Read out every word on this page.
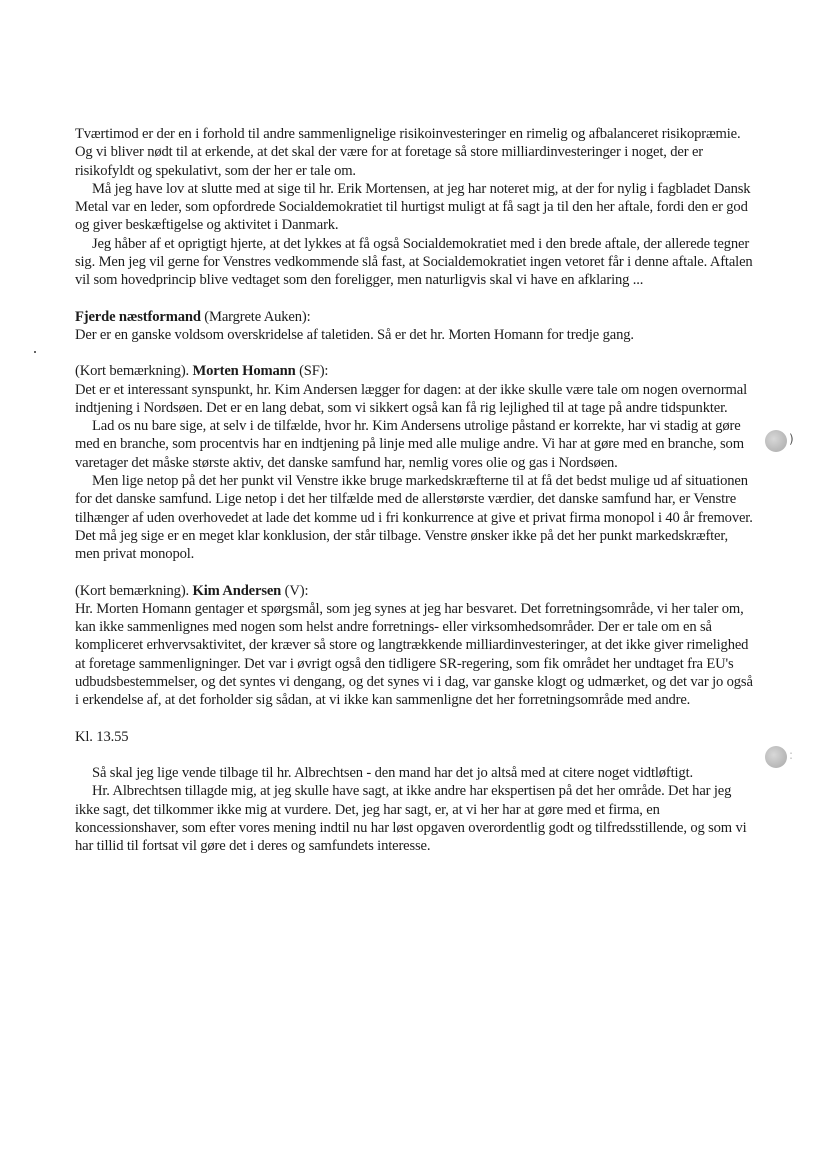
Tværtimod er der en i forhold til andre sammenlignelige risikoinvesteringer en rimelig og afbalanceret risikopræmie. Og vi bliver nødt til at erkende, at det skal der være for at foretage så store milliardinvesteringer i noget, der er risikofyldt og spekulativt, som der her er tale om.

Må jeg have lov at slutte med at sige til hr. Erik Mortensen, at jeg har noteret mig, at der for nylig i fagbladet Dansk Metal var en leder, som opfordrede Socialdemokratiet til hurtigst muligt at få sagt ja til den her aftale, fordi den er god og giver beskæftigelse og aktivitet i Danmark.

Jeg håber af et oprigtigt hjerte, at det lykkes at få også Socialdemokratiet med i den brede aftale, der allerede tegner sig. Men jeg vil gerne for Venstres vedkommende slå fast, at Socialdemokratiet ingen vetoret får i denne aftale. Aftalen vil som hovedprincip blive vedtaget som den foreligger, men naturligvis skal vi have en afklaring ...

Fjerde næstformand (Margrete Auken):

Der er en ganske voldsom overskridelse af taletiden. Så er det hr. Morten Homann for tredje gang.

(Kort bemærkning). Morten Homann (SF):

Det er et interessant synspunkt, hr. Kim Andersen lægger for dagen: at der ikke skulle være tale om nogen overnormal indtjening i Nordsøen. Det er en lang debat, som vi sikkert også kan få rig lejlighed til at tage på andre tidspunkter.

Lad os nu bare sige, at selv i de tilfælde, hvor hr. Kim Andersens utrolige påstand er korrekte, har vi stadig at gøre med en branche, som procentvis har en indtjening på linje med alle mulige andre. Vi har at gøre med en branche, som varetager det måske største aktiv, det danske samfund har, nemlig vores olie og gas i Nordsøen.

Men lige netop på det her punkt vil Venstre ikke bruge markedskræfterne til at få det bedst mulige ud af situationen for det danske samfund. Lige netop i det her tilfælde med de allerstørste værdier, det danske samfund har, er Venstre tilhænger af uden overhovedet at lade det komme ud i fri konkurrence at give et privat firma monopol i 40 år fremover. Det må jeg sige er en meget klar konklusion, der står tilbage. Venstre ønsker ikke på det her punkt markedskræfter, men privat monopol.

(Kort bemærkning). Kim Andersen (V):

Hr. Morten Homann gentager et spørgsmål, som jeg synes at jeg har besvaret. Det forretningsområde, vi her taler om, kan ikke sammenlignes med nogen som helst andre forretnings- eller virksomhedsområder. Der er tale om en så kompliceret erhvervsaktivitet, der kræver så store og langtrækkende milliardinvesteringer, at det ikke giver rimelighed at foretage sammenligninger. Det var i øvrigt også den tidligere SR-regering, som fik området her undtaget fra EU's udbudsbestemmelser, og det syntes vi dengang, og det synes vi i dag, var ganske klogt og udmærket, og det var jo også i erkendelse af, at det forholder sig sådan, at vi ikke kan sammenligne det her forretningsområde med andre.

Kl. 13.55

Så skal jeg lige vende tilbage til hr. Albrechtsen - den mand har det jo altså med at citere noget vidtløftigt.

Hr. Albrechtsen tillagde mig, at jeg skulle have sagt, at ikke andre har ekspertisen på det her område. Det har jeg ikke sagt, det tilkommer ikke mig at vurdere. Det, jeg har sagt, er, at vi her har at gøre med et firma, en koncessionshaver, som efter vores mening indtil nu har løst opgaven overordentlig godt og tilfredsstillende, og som vi har tillid til fortsat vil gøre det i deres og samfundets interesse.

)
:
